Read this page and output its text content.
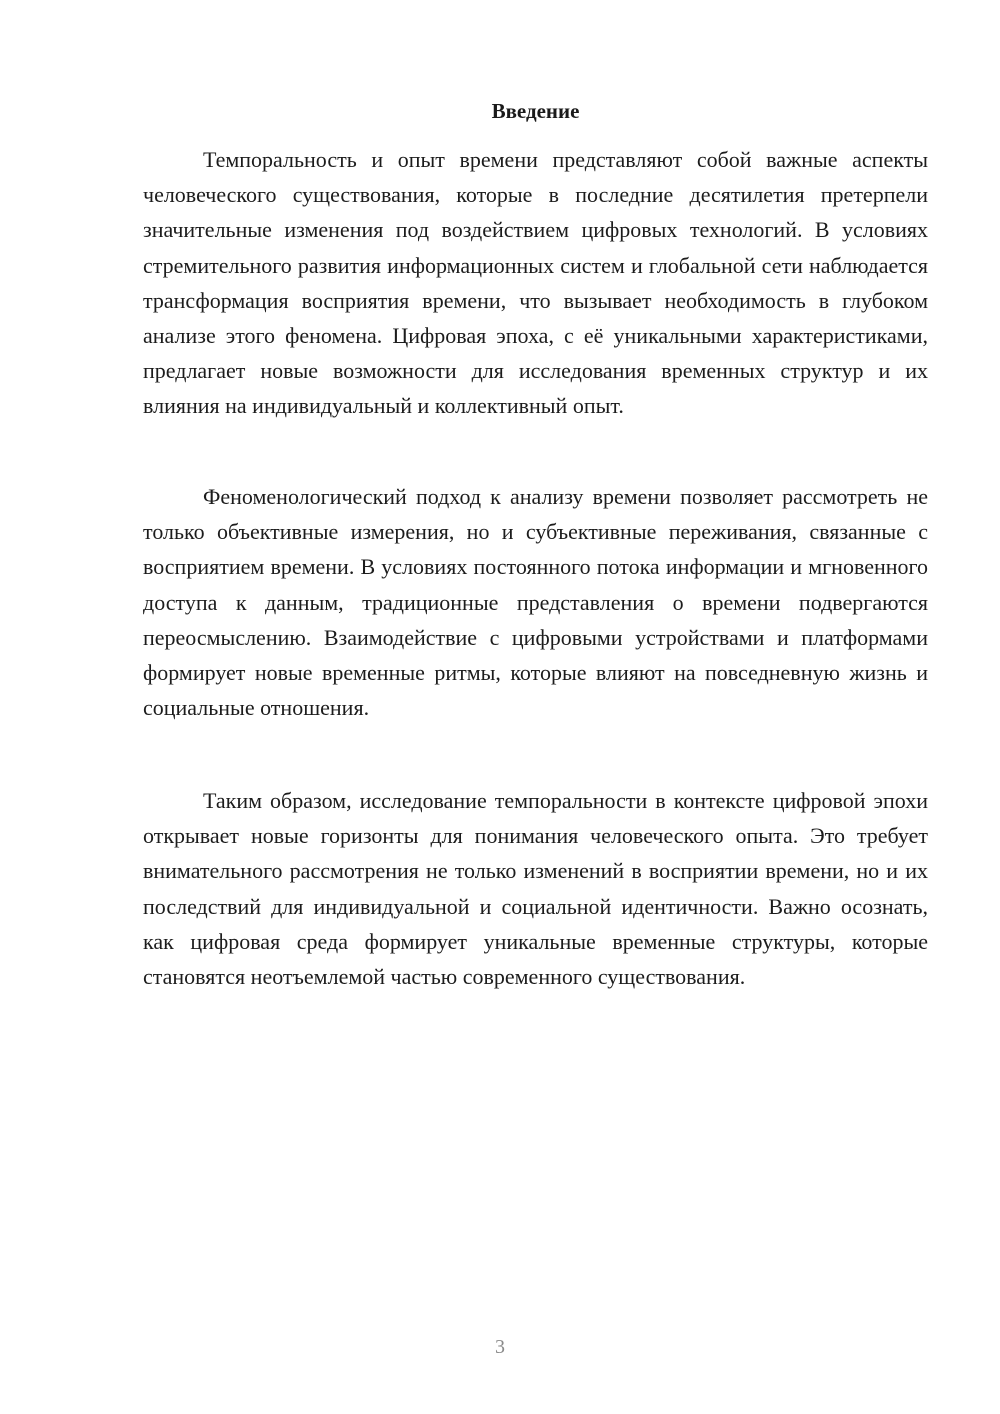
Введение

Темпоральность и опыт времени представляют собой важные аспекты человеческого существования, которые в последние десятилетия претерпели значительные изменения под воздействием цифровых технологий. В условиях стремительного развития информационных систем и глобальной сети наблюдается трансформация восприятия времени, что вызывает необходимость в глубоком анализе этого феномена. Цифровая эпоха, с её уникальными характеристиками, предлагает новые возможности для исследования временных структур и их влияния на индивидуальный и коллективный опыт.

Феноменологический подход к анализу времени позволяет рассмотреть не только объективные измерения, но и субъективные переживания, связанные с восприятием времени. В условиях постоянного потока информации и мгновенного доступа к данным, традиционные представления о времени подвергаются переосмыслению. Взаимодействие с цифровыми устройствами и платформами формирует новые временные ритмы, которые влияют на повседневную жизнь и социальные отношения.

Таким образом, исследование темпоральности в контексте цифровой эпохи открывает новые горизонты для понимания человеческого опыта. Это требует внимательного рассмотрения не только изменений в восприятии времени, но и их последствий для индивидуальной и социальной идентичности. Важно осознать, как цифровая среда формирует уникальные временные структуры, которые становятся неотъемлемой частью современного существования.

3
